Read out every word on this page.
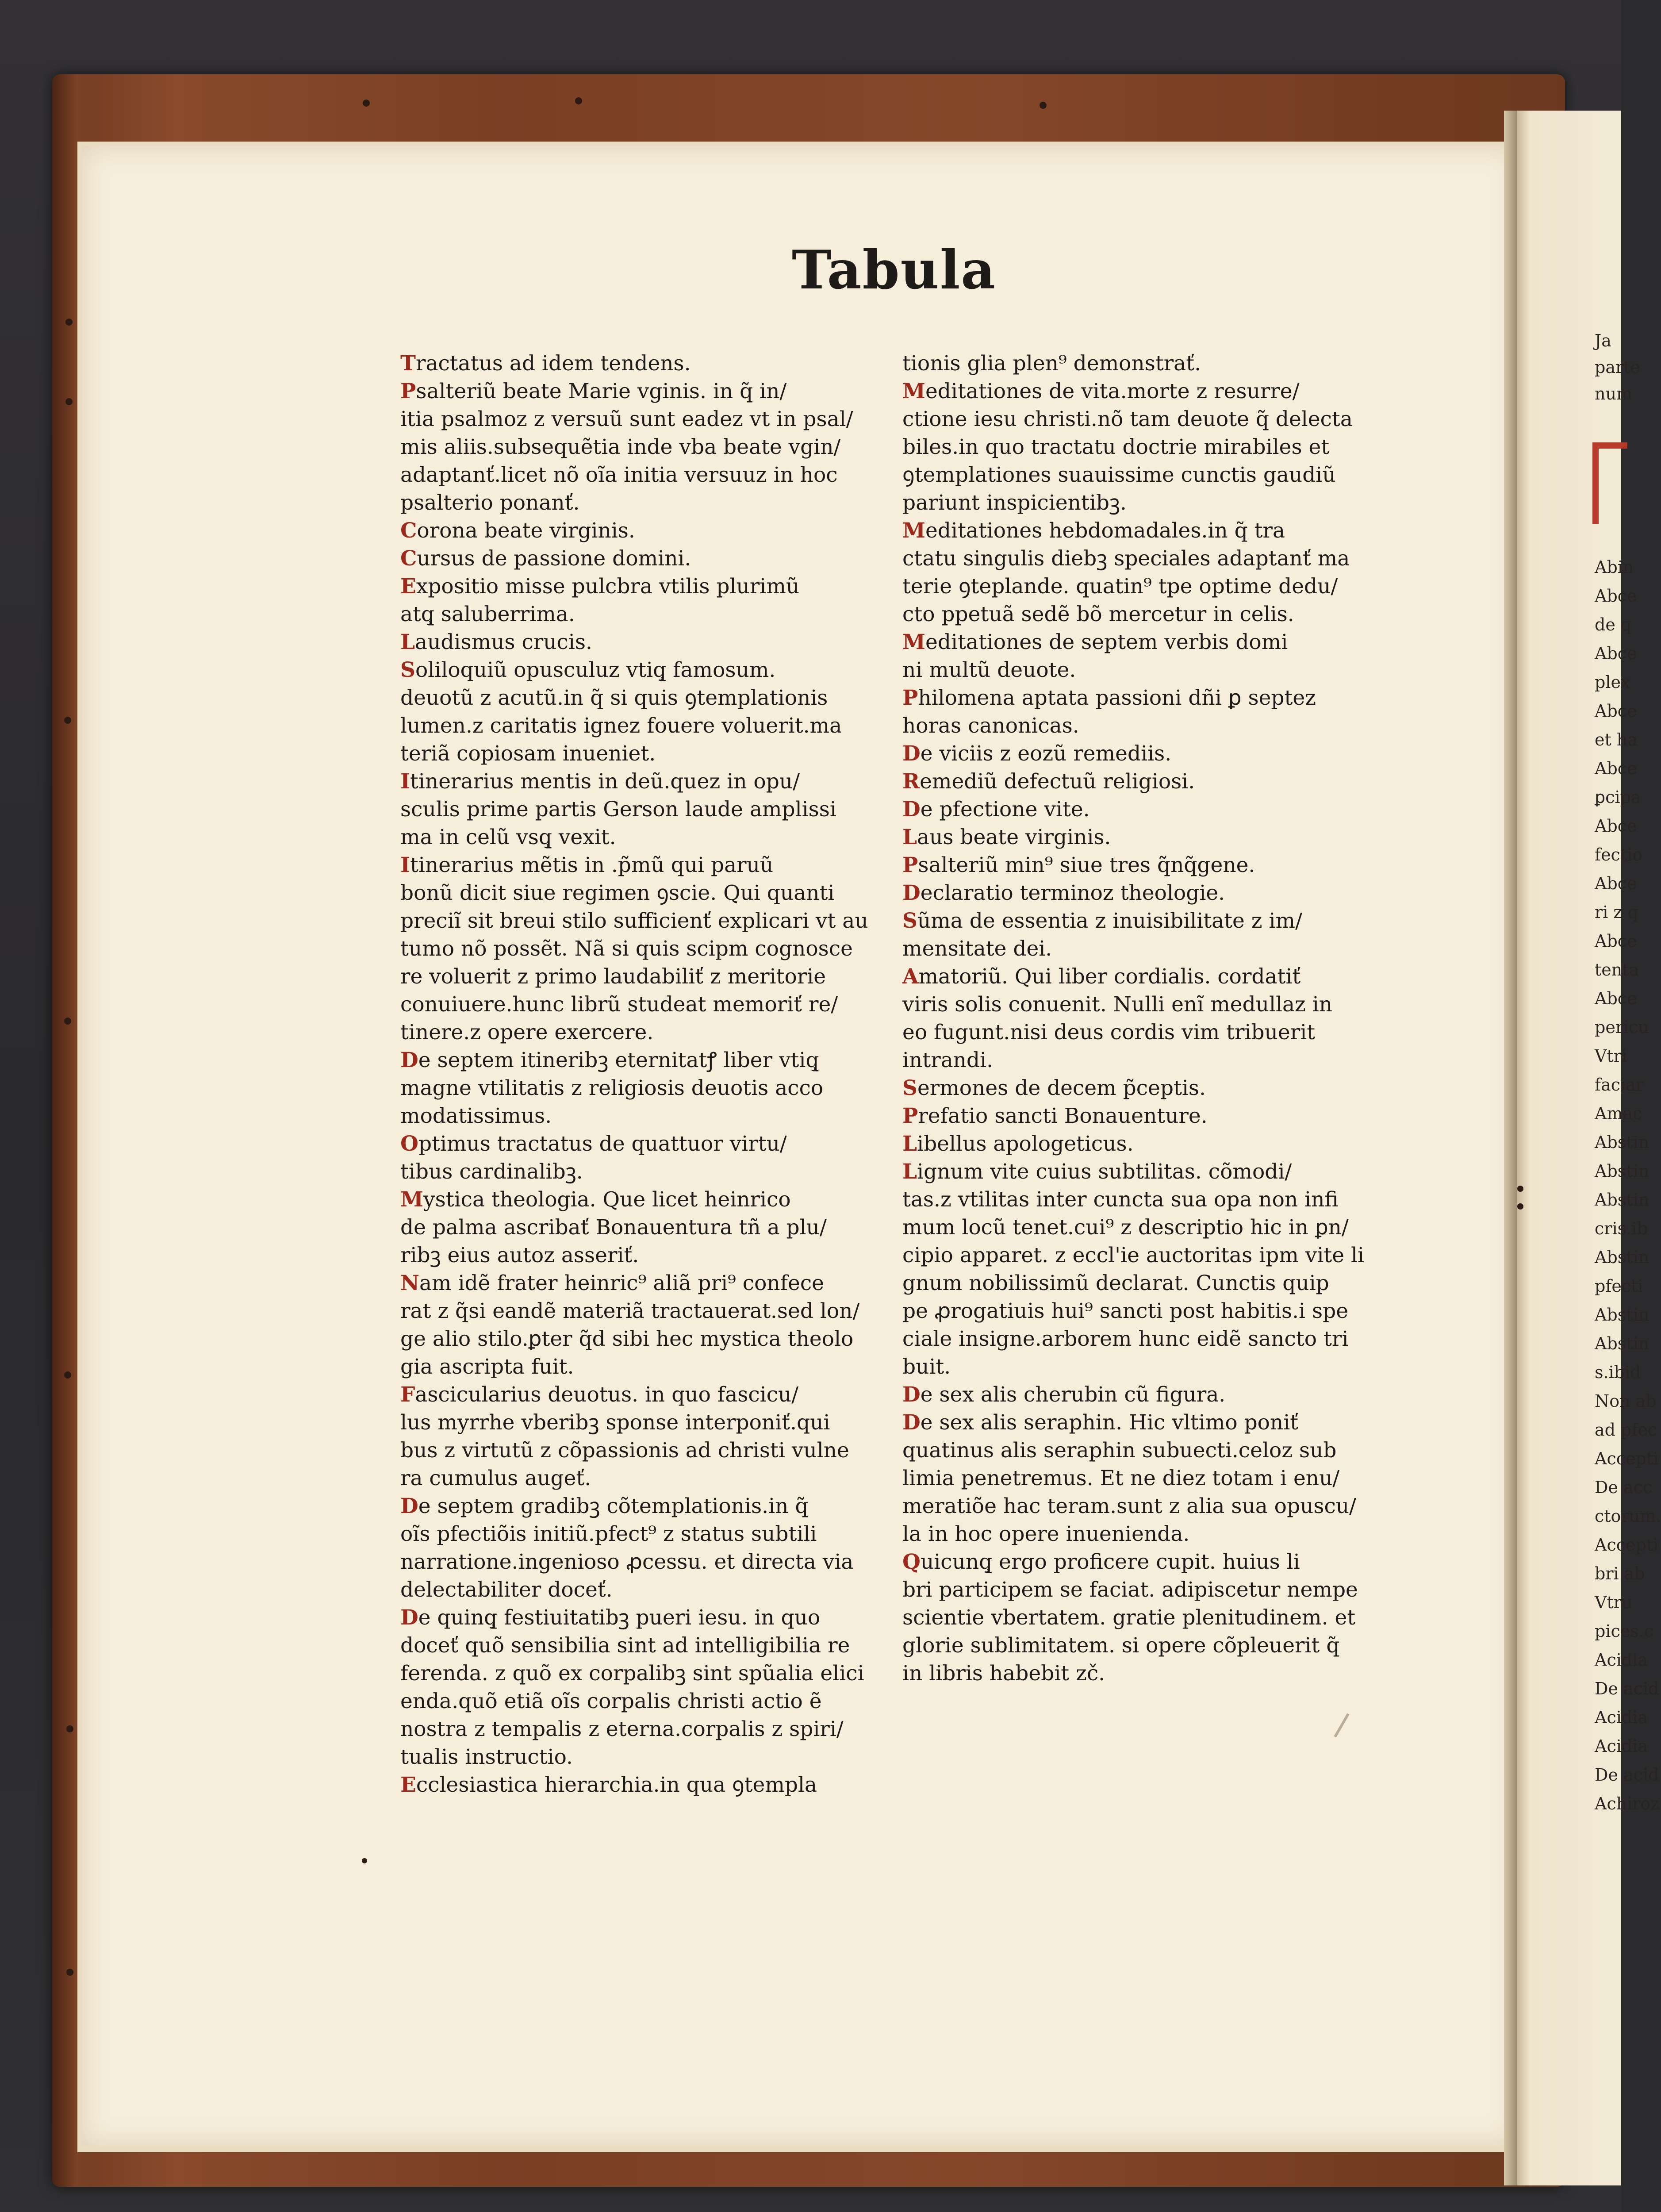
Tabula
Tractatus ad idem tendens.
Psalteriũ beate Marie vginis. in q̃ in/
itia psalmoz z versuũ sunt eadez vt in psal/
mis aliis.subsequẽtia inde vba beate vgin/
adaptanť.licet nõ oĩa initia versuuz in hoc
psalterio ponanť.
Corona beate virginis.
Cursus de passione domini.
Expositio misse pulcbra vtilis plurimũ
atq̧ saluberrima.
Laudismus crucis.
Soliloquiũ opusculuz vtiq̧ famosum.
deuotũ z acutũ.in q̃ si quis ꝯtemplationis
lumen.z caritatis ignez fouere voluerit.ma
teriã copiosam inueniet.
Itinerarius mentis in deũ.quez in opu/
sculis prime partis Gerson laude amplissi
ma in celũ vsq̧ vexit.
Itinerarius mẽtis in .p̃mũ qui paruũ
bonũ dicit siue regimen ꝯscie. Qui quanti
preciĩ sit breui stilo sufficienť explicari vt au
tumo nõ possẽt. Nã si quis scipm cognosce
re voluerit z primo laudabiliť z meritorie
conuiuere.hunc librũ studeat memoriť re/
tinere.z opere exercere.
De septem itineribꝫ eternitatꝭ liber vtiq̧
magne vtilitatis z religiosis deuotis acco
modatissimus.
Optimus tractatus de quattuor virtu/
tibus cardinalibꝫ.
Mystica theologia. Que licet heinrico
de palma ascribať Bonauentura tñ a plu/
ribꝫ eius autoz asseriť.
Nam idẽ frater heinric⁹ aliã pri⁹ confece
rat z q̃si eandẽ materiã tractauerat.sed lon/
ge alio stilo.ꝑter q̃d sibi hec mystica theolo
gia ascripta fuit.
Fascicularius deuotus. in quo fascicu/
lus myrrhe vberibꝫ sponse interponiť.qui
bus z virtutũ z cõpassionis ad christi vulne
ra cumulus augeť.
De septem gradibꝫ cõtemplationis.in q̃
oĩs pfectiõis initiũ.pfect⁹ z status subtili
narratione.ingenioso ꝓcessu. et directa via
delectabiliter doceť.
De quinq̧ festiuitatibꝫ pueri iesu. in quo
doceť quõ sensibilia sint ad intelligibilia re
ferenda. z quõ ex corpalibꝫ sint spũalia elici
enda.quõ etiã oĩs corpalis christi actio ẽ
nostra z tempalis z eterna.corpalis z spiri/
tualis instructio.
Ecclesiastica hierarchia.in qua ꝯtempla
tionis glia plen⁹ demonstrať.
Meditationes de vita.morte z resurre/
ctione iesu christi.nõ tam deuote q̃ delecta
biles.in quo tractatu doctrie mirabiles et
ꝯtemplationes suauissime cunctis gaudiũ
pariunt inspicientibꝫ.
Meditationes hebdomadales.in q̃ tra
ctatu singulis diebꝫ speciales adaptanť ma
terie ꝯteplande. quatin⁹ tpe optime dedu/
cto ppetuã sedẽ bõ mercetur in celis.
Meditationes de septem verbis domi
ni multũ deuote.
Philomena aptata passioni dñi ꝑ septez
horas canonicas.
De viciis z eozũ remediis.
Remediũ defectuũ religiosi.
De pfectione vite.
Laus beate virginis.
Psalteriũ min⁹ siue tres q̃nq̃gene.
Declaratio terminoz theologie.
Sũma de essentia z inuisibilitate z im/
mensitate dei.
Amatoriũ. Qui liber cordialis. cordatiť
viris solis conuenit. Nulli enĩ medullaz in
eo fugunt.nisi deus cordis vim tribuerit
intrandi.
Sermones de decem p̃ceptis.
Prefatio sancti Bonauenture.
Libellus apologeticus.
Lignum vite cuius subtilitas. cõmodi/
tas.z vtilitas inter cuncta sua opa non infi
mum locũ tenet.cui⁹ z descriptio hic in ꝑn/
cipio apparet. z eccl'ie auctoritas ipm vite li
gnum nobilissimũ declarat. Cunctis quip
pe ꝓrogatiuis hui⁹ sancti post habitis.i spe
ciale insigne.arborem hunc eidẽ sancto tri
buit.
De sex alis cherubin cũ figura.
De sex alis seraphin. Hic vltimo poniť
quatinus alis seraphin subuecti.celoz sub
limia penetremus. Et ne diez totam i enu/
meratiõe hac teram.sunt z alia sua opuscu/
la in hoc opere inuenienda.
Quicunq̧ ergo proficere cupit. huius li
bri participem se faciat. adipiscetur nempe
scientie vbertatem. gratie plenitudinem. et
glorie sublimitatem. si opere cõpleuerit q̃
in libris habebit zč.
Ja
parte
num
Abin
Abce
de q
Abce
plex
Abce
et ha
Abce
ꝑcipa
Abce
fectio
Abce
ri z q
Abce
tenta
Abce
pericu
Vtri
faciar
Amac
Abstin
Abstin
Abstin
cris.ib
Abstin
pfecti
Abstin
Abstin
s.ibid
Non ab
ad pfec
Accepti
De acc
ctorum.
Accepti
bri ab
Vtru
pices.c
Acidia
De acid
Acidia
Acidia
De acid
Achiroz
